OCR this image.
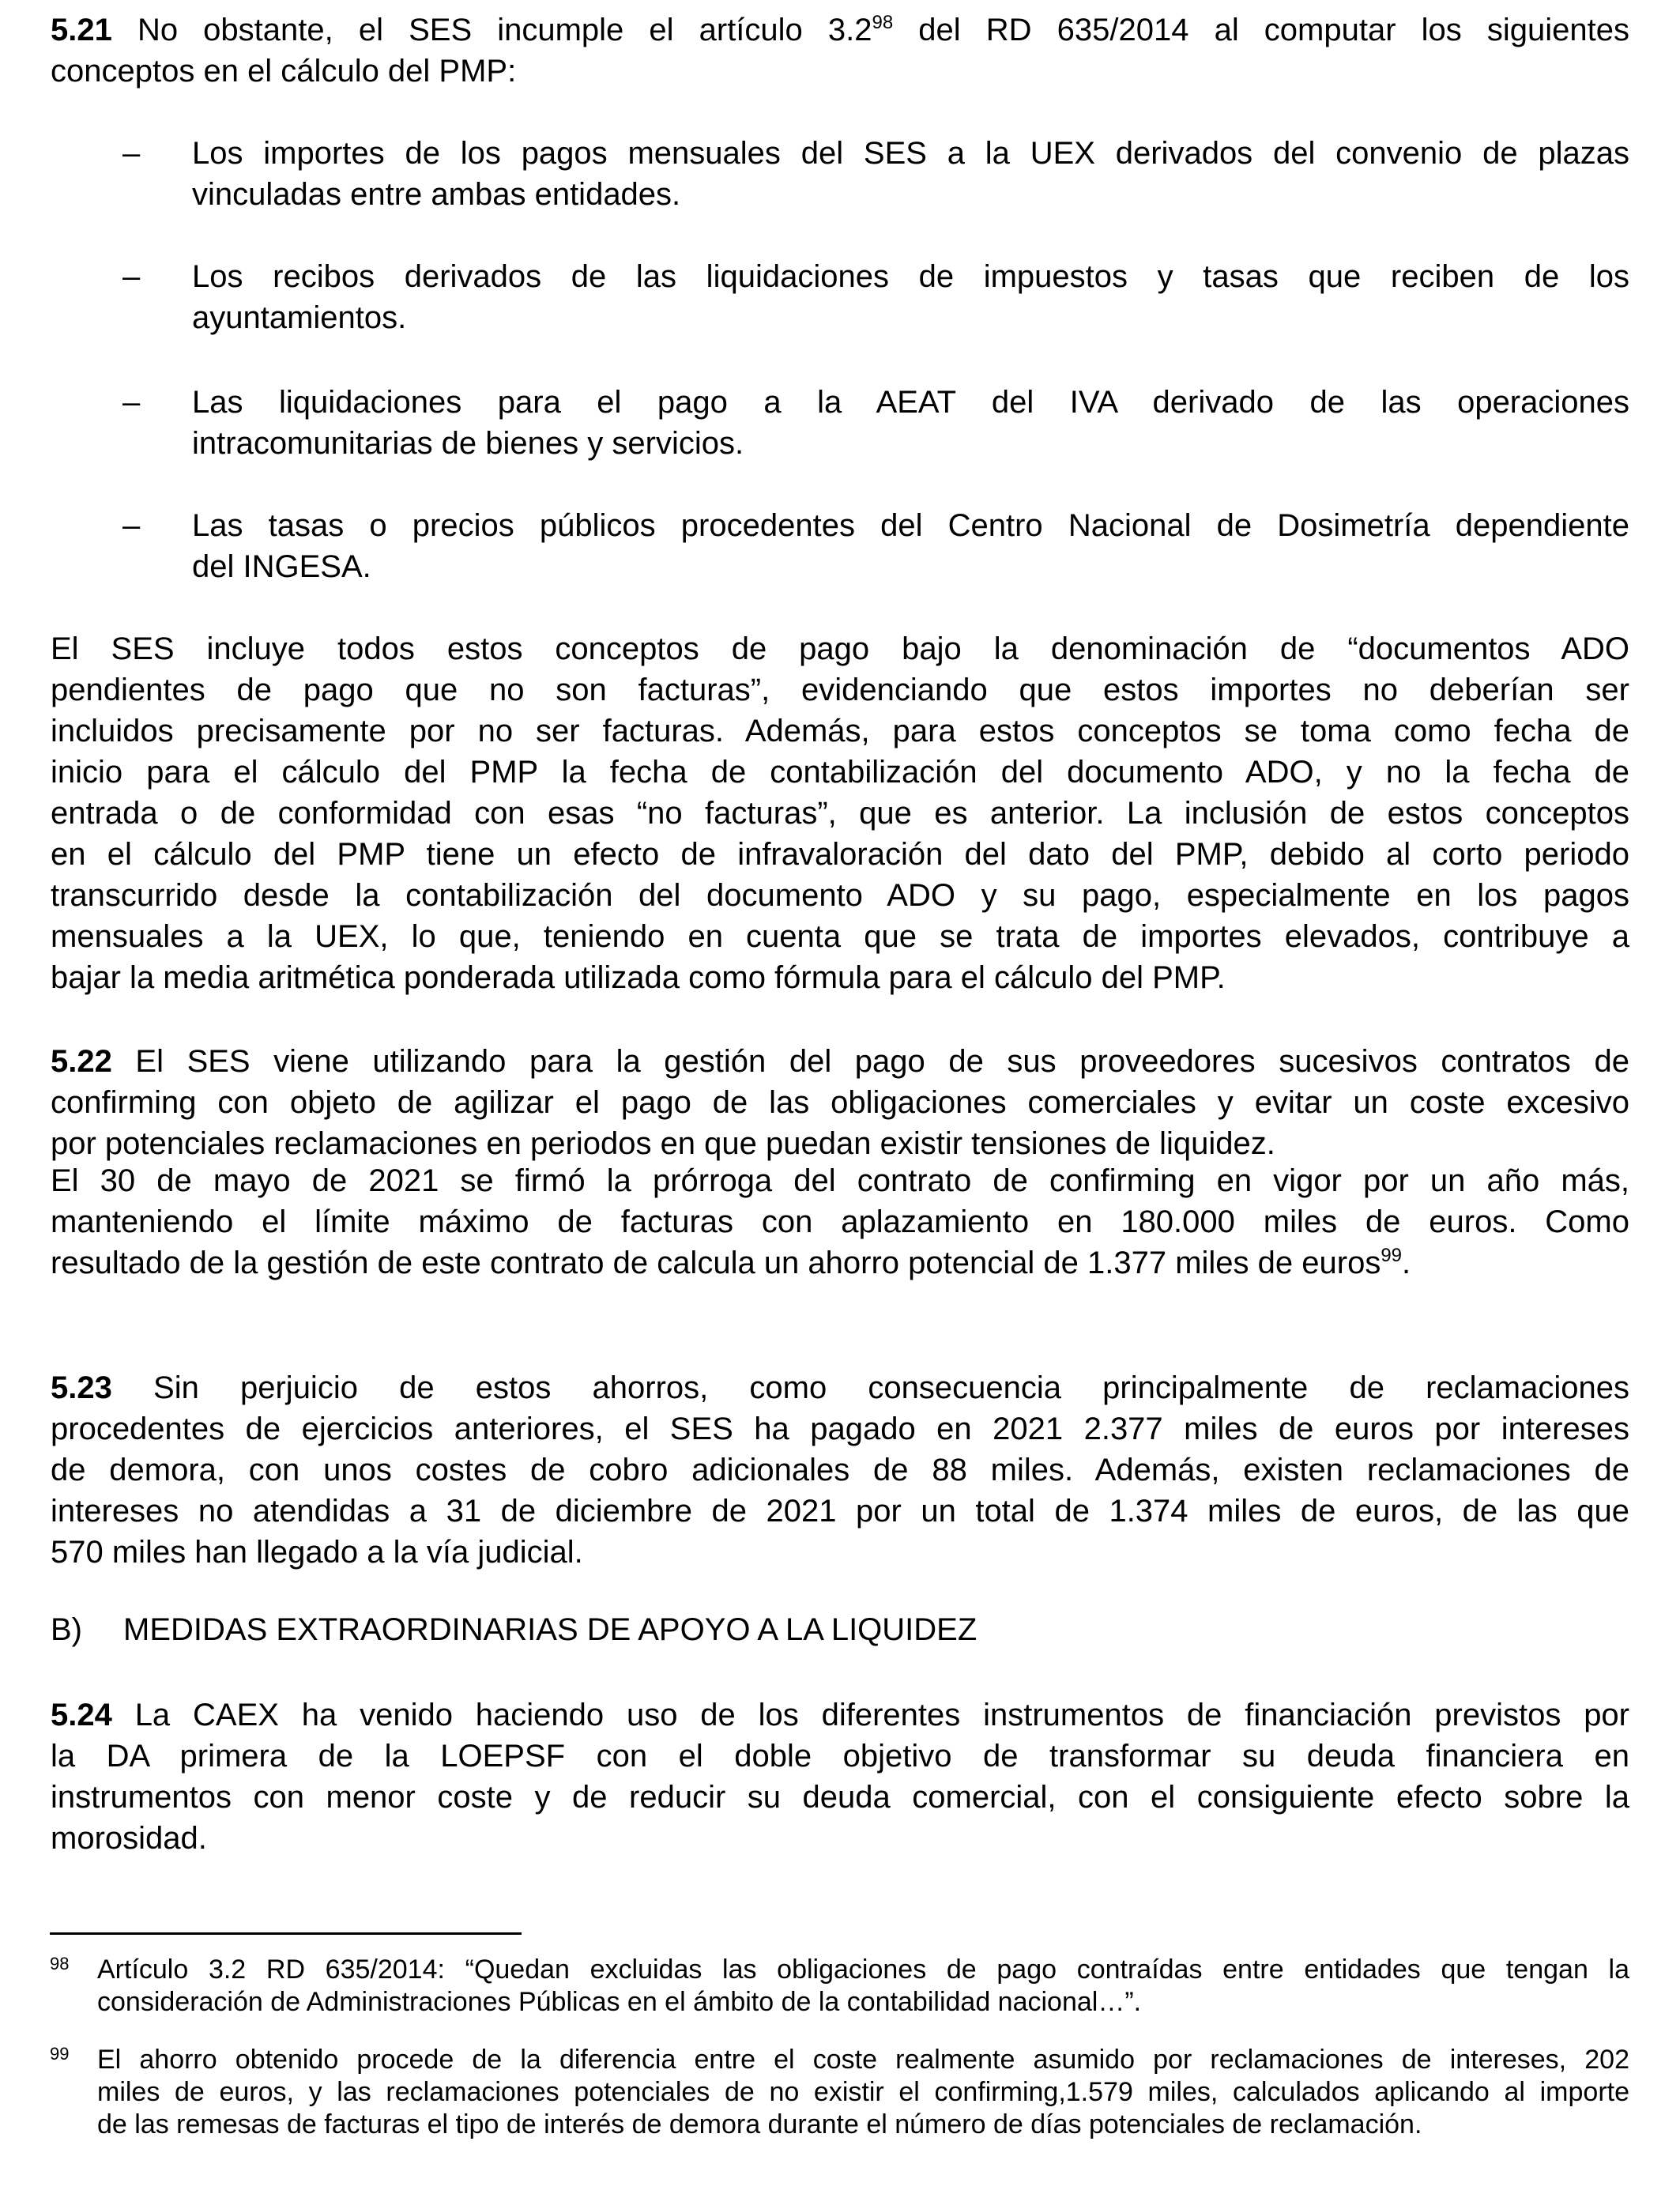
5.21 No obstante, el SES incumple el artículo $3.2^{98}$ del RD 635/2014 al computar los siguientes
conceptos en el cálculo del PMP:
– Los importes de los pagos mensuales del SES a la UEX derivados del convenio de plazas
vinculadas entre ambas entidades.
– Los recibos derivados de las liquidaciones de impuestos y tasas que reciben de los
ayuntamientos.
– Las liquidaciones para el pago a la AEAT del IVA derivado de las operaciones
intracomunitarias de bienes y servicios.
– Las tasas o precios públicos procedentes del Centro Nacional de Dosimetría dependiente
del INGESA.
El SES incluye todos estos conceptos de pago bajo la denominación de “documentos ADO
pendientes de pago que no son facturas”, evidenciando que estos importes no deberían ser
incluidos precisamente por no ser facturas. Además, para estos conceptos se toma como fecha de
inicio para el cálculo del PMP la fecha de contabilización del documento ADO, y no la fecha de
entrada o de conformidad con esas “no facturas”, que es anterior. La inclusión de estos conceptos
en el cálculo del PMP tiene un efecto de infravaloración del dato del PMP, debido al corto periodo
transcurrido desde la contabilización del documento ADO y su pago, especialmente en los pagos
mensuales a la UEX, lo que, teniendo en cuenta que se trata de importes elevados, contribuye a
bajar la media aritmética ponderada utilizada como fórmula para el cálculo del PMP.
5.22 El SES viene utilizando para la gestión del pago de sus proveedores sucesivos contratos de
confirming con objeto de agilizar el pago de las obligaciones comerciales y evitar un coste excesivo
por potenciales reclamaciones en periodos en que puedan existir tensiones de liquidez.
El 30 de mayo de 2021 se firmó la prórroga del contrato de confirming en vigor por un año más,
manteniendo el límite máximo de facturas con aplazamiento en 180.000 miles de euros. Como
resultado de la gestión de este contrato de calcula un ahorro potencial de 1.377 miles de euros$^{99}$.
5.23 Sin perjuicio de estos ahorros, como consecuencia principalmente de reclamaciones
procedentes de ejercicios anteriores, el SES ha pagado en 2021 2.377 miles de euros por intereses
de demora, con unos costes de cobro adicionales de 88 miles. Además, existen reclamaciones de
intereses no atendidas a 31 de diciembre de 2021 por un total de 1.374 miles de euros, de las que
570 miles han llegado a la vía judicial.
B) MEDIDAS EXTRAORDINARIAS DE APOYO A LA LIQUIDEZ
5.24 La CAEX ha venido haciendo uso de los diferentes instrumentos de financiación previstos por
la DA primera de la LOEPSF con el doble objetivo de transformar su deuda financiera en
instrumentos con menor coste y de reducir su deuda comercial, con el consiguiente efecto sobre la
morosidad.
98 Artículo 3.2 RD 635/2014: “Quedan excluidas las obligaciones de pago contraídas entre entidades que tengan la
consideración de Administraciones Públicas en el ámbito de la contabilidad nacional…”.
99 El ahorro obtenido procede de la diferencia entre el coste realmente asumido por reclamaciones de intereses, 202
miles de euros, y las reclamaciones potenciales de no existir el confirming,1.579 miles, calculados aplicando al importe
de las remesas de facturas el tipo de interés de demora durante el número de días potenciales de reclamación.
